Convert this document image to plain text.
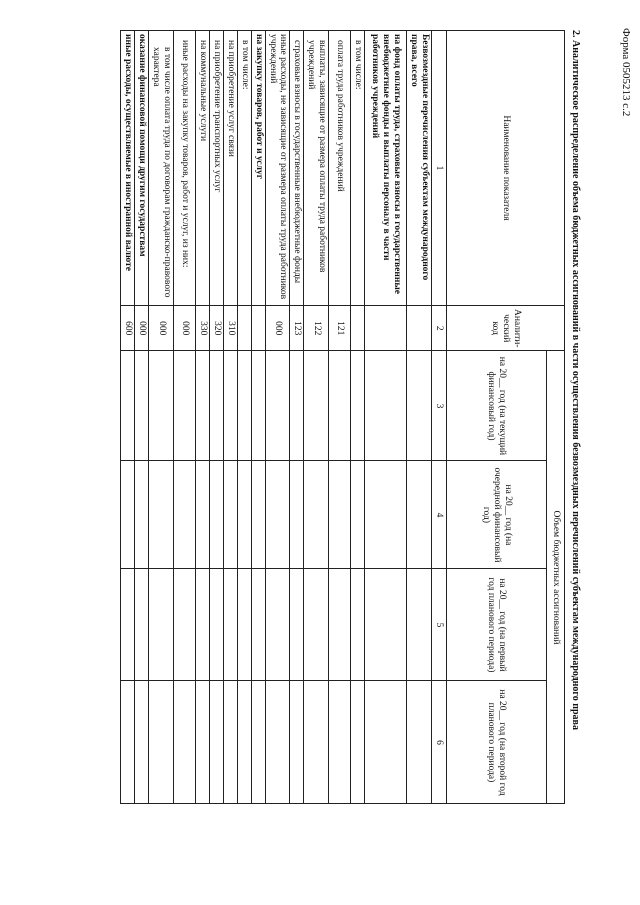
Форма 0505213 с.2
2. Аналитическое распределение объема бюджетных ассигнований в части осуществления безвозмездных перечислений субъектам международного права
Наименование показателя	Аналити-ческий код	Объем бюджетных ассигнований			
		на 20__ год (на текущий финансовый год)	на 20__ год (на очередной финансовый год)	на 20__ год (на первый год планового периода)	на 20__ год (на второй год планового периода)
1	2	3	4	5	6
Безвозмездные перечисления субъектам международного права, всего					
на фонд оплаты труда, страховые взносы в государственные внебюджетные фонды и выплаты персоналу в части работников учреждений					
в том числе:					
оплата труда работников учреждений	121				
выплаты, зависящие от размера оплаты труда работников учреждений	122				
страховые взносы в государственные внебюджетные фонды	123				
иные расходы, не зависящие от размера оплаты труда работников учреждений	000				
на закупку товаров, работ и услуг					
в том числе:					
на приобретение услуг связи	310				
на приобретение транспортных услуг	320				
на коммунальные услуги	330				
иные расходы на закупку товаров, работ и услуг, из них:	000				
в том числе оплата труда по договорам гражданско-правового характера	000				
оказание финансовой помощи другим государствам	000				
иные расходы, осуществляемые в иностранной валюте	600				
